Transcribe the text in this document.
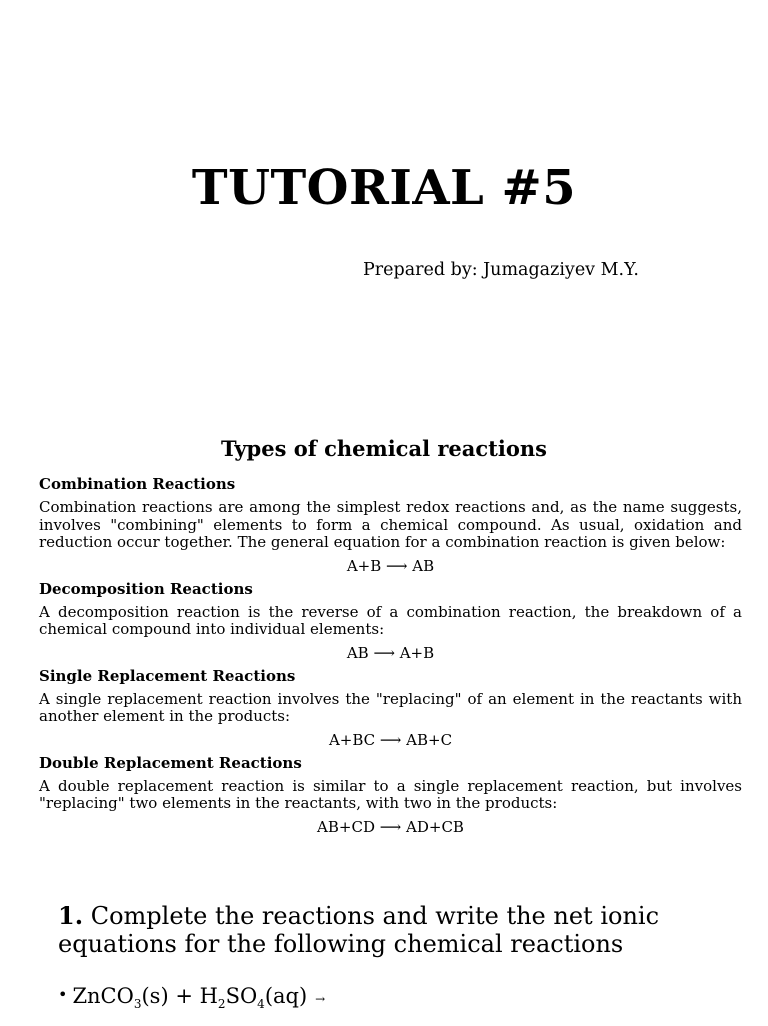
TUTORIAL #5
Prepared by: Jumagaziyev M.Y.
Types of chemical reactions
Combination Reactions
Combination reactions are among the simplest redox reactions and, as the name suggests, involves "combining" elements to form a chemical compound. As usual, oxidation and reduction occur together. The general equation for a combination reaction is given below:
A+B ⟶ AB
Decomposition Reactions
A decomposition reaction is the reverse of a combination reaction, the breakdown of a chemical compound into individual elements:
AB ⟶ A+B
Single Replacement Reactions
A single replacement reaction involves the "replacing" of an element in the reactants with another element in the products:
A+BC ⟶ AB+C
Double Replacement Reactions
A double replacement reaction is similar to a single replacement reaction, but involves "replacing" two elements in the reactants, with two in the products:
AB+CD ⟶ AD+CB
1. Complete the reactions and write the net ionic equations for the following chemical reactions
• ZnCO$_3$(s) + $H_2SO_4(aq)$ →
